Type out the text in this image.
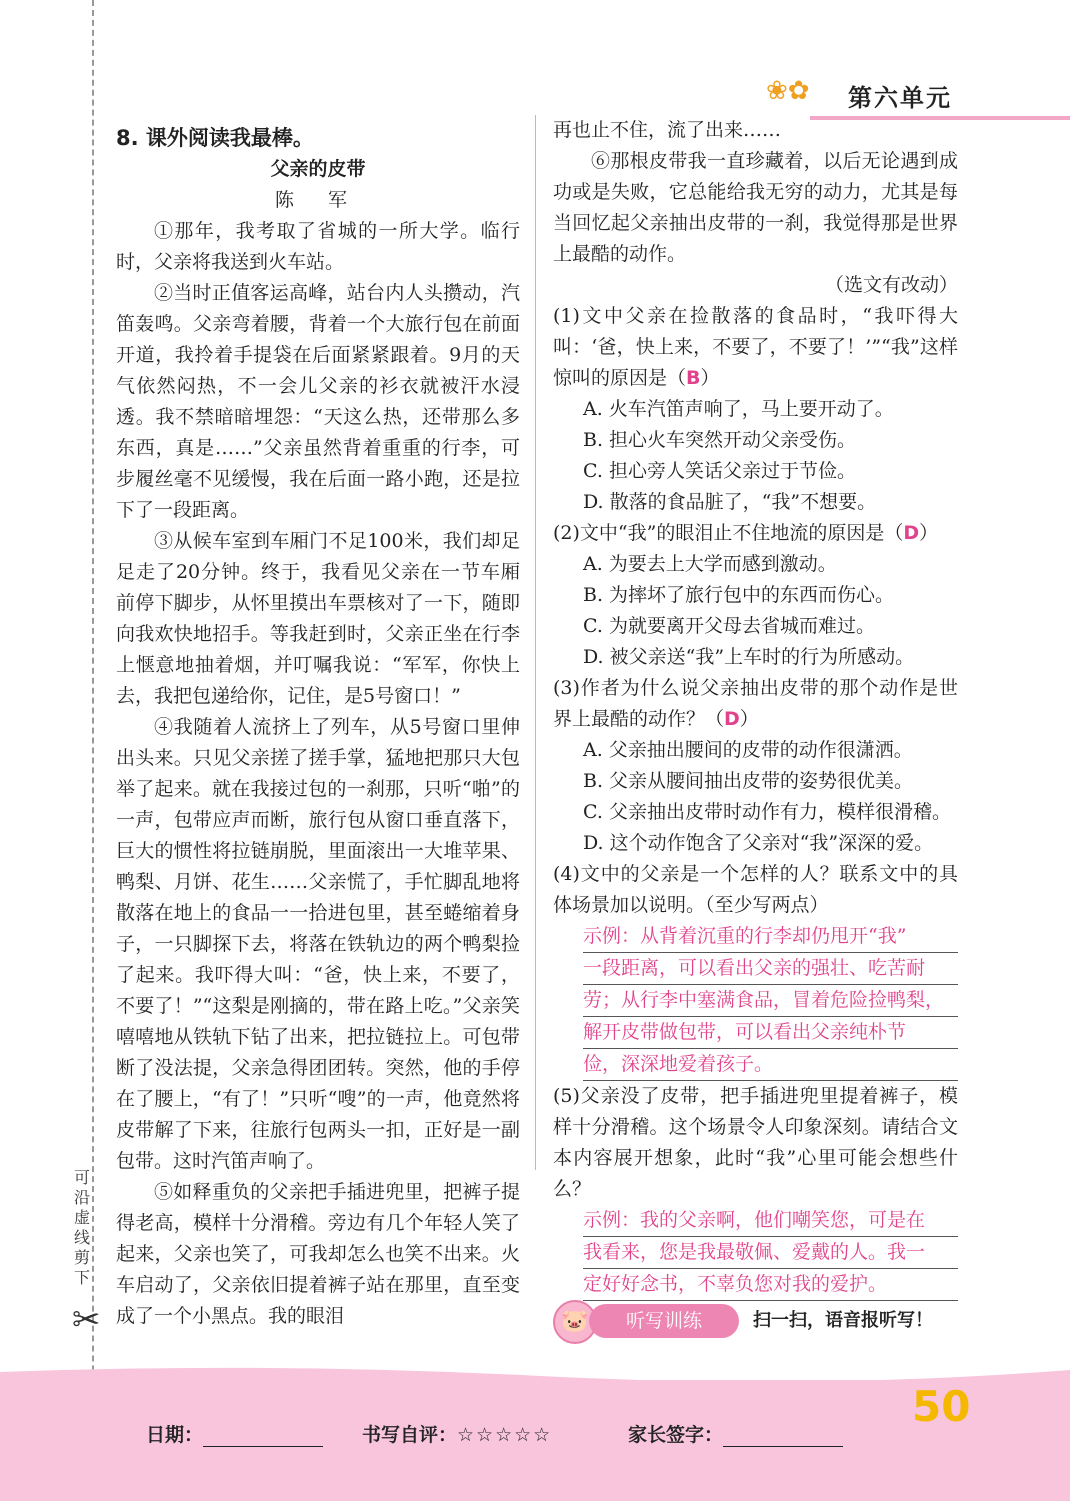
可沿虚线剪下
✂
❀✿ 第六单元

8. 课外阅读我最棒。

父亲的皮带

陈 军

①那年，我考取了省城的一所大学。临行时，父亲将我送到火车站。

②当时正值客运高峰，站台内人头攒动，汽笛轰鸣。父亲弯着腰，背着一个大旅行包在前面开道，我拎着手提袋在后面紧紧跟着。9月的天气依然闷热，不一会儿父亲的衫衣就被汗水浸透。我不禁暗暗埋怨：“天这么热，还带那么多东西，真是……”父亲虽然背着重重的行李，可步履丝毫不见缓慢，我在后面一路小跑，还是拉下了一段距离。

③从候车室到车厢门不足100米，我们却足足走了20分钟。终于，我看见父亲在一节车厢前停下脚步，从怀里摸出车票核对了一下，随即向我欢快地招手。等我赶到时，父亲正坐在行李上惬意地抽着烟，并叮嘱我说：“军军，你快上去，我把包递给你，记住，是5号窗口！”

④我随着人流挤上了列车，从5号窗口里伸出头来。只见父亲搓了搓手掌，猛地把那只大包举了起来。就在我接过包的一刹那，只听“啪”的一声，包带应声而断，旅行包从窗口垂直落下，巨大的惯性将拉链崩脱，里面滚出一大堆苹果、鸭梨、月饼、花生……父亲慌了，手忙脚乱地将散落在地上的食品一一拾进包里，甚至蜷缩着身子，一只脚探下去，将落在铁轨边的两个鸭梨捡了起来。我吓得大叫：“爸，快上来，不要了，不要了！”“这梨是刚摘的，带在路上吃。”父亲笑嘻嘻地从铁轨下钻了出来，把拉链拉上。可包带断了没法提，父亲急得团团转。突然，他的手停在了腰上，“有了！”只听“嗖”的一声，他竟然将皮带解了下来，往旅行包两头一扣，正好是一副包带。这时汽笛声响了。

⑤如释重负的父亲把手插进兜里，把裤子提得老高，模样十分滑稽。旁边有几个年轻人笑了起来，父亲也笑了，可我却怎么也笑不出来。火车启动了，父亲依旧提着裤子站在那里，直至变成了一个小黑点。我的眼泪

再也止不住，流了出来……

⑥那根皮带我一直珍藏着，以后无论遇到成功或是失败，它总能给我无穷的动力，尤其是每当回忆起父亲抽出皮带的一刹，我觉得那是世界上最酷的动作。

（选文有改动）

(1)文中父亲在捡散落的食品时，“我吓得大叫：‘爸，快上来，不要了，不要了！’”“我”这样惊叫的原因是（B）

A. 火车汽笛声响了，马上要开动了。

B. 担心火车突然开动父亲受伤。

C. 担心旁人笑话父亲过于节俭。

D. 散落的食品脏了，“我”不想要。

(2)文中“我”的眼泪止不住地流的原因是（D）

A. 为要去上大学而感到激动。

B. 为摔坏了旅行包中的东西而伤心。

C. 为就要离开父母去省城而难过。

D. 被父亲送“我”上车时的行为所感动。

(3)作者为什么说父亲抽出皮带的那个动作是世界上最酷的动作？（D）

A. 父亲抽出腰间的皮带的动作很潇洒。

B. 父亲从腰间抽出皮带的姿势很优美。

C. 父亲抽出皮带时动作有力，模样很滑稽。

D. 这个动作饱含了父亲对“我”深深的爱。

(4)文中的父亲是一个怎样的人？联系文中的具体场景加以说明。（至少写两点）

示例：从背着沉重的行李却仍甩开“我”

一段距离，可以看出父亲的强壮、吃苦耐

劳；从行李中塞满食品，冒着危险捡鸭梨，

解开皮带做包带，可以看出父亲纯朴节

俭，深深地爱着孩子。

(5)父亲没了皮带，把手插进兜里提着裤子，模样十分滑稽。这个场景令人印象深刻。请结合文本内容展开想象，此时“我”心里可能会想些什么？

示例：我的父亲啊，他们嘲笑您，可是在

我看来，您是我最敬佩、爱戴的人。我一

定好好念书，不辜负您对我的爱护。

🐷	听写训练	扫一扫，语音报听写！
日期：	书写自评：☆☆☆☆☆	家长签字：
50
